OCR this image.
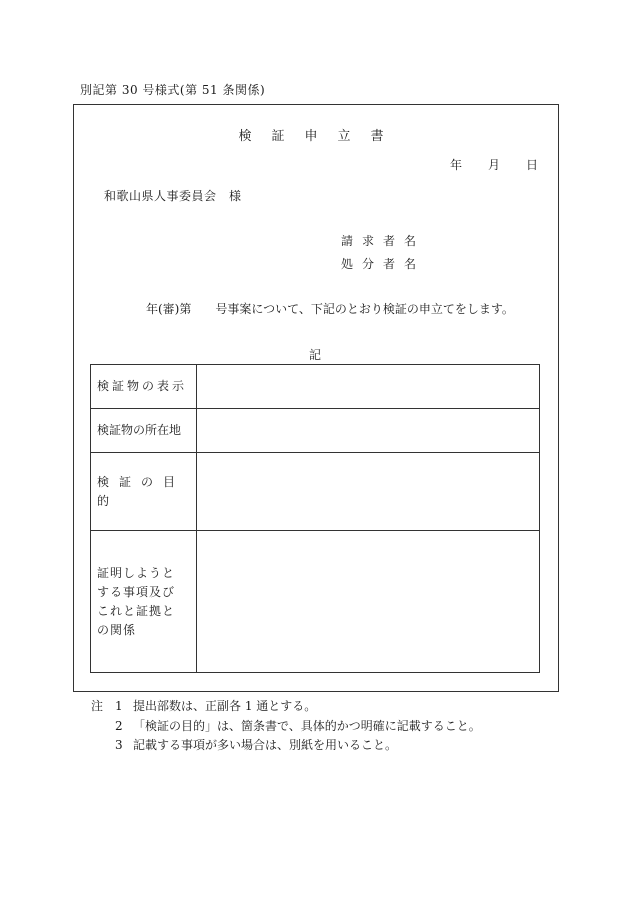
別記第 30 号様式(第 51 条関係)
検証申立書
年 月 日
和歌山県人事委員会　様
請求者名
処分者名
年(審)第　　号事案について、下記のとおり検証の申立てをします。
記
検証物の表示	
検証物の所在地	
検証の目的	
証明しようと
する事項及び
これと証拠と
の関係	
注 1 提出部数は、正副各 1 通とする。
2 「検証の目的」は、箇条書で、具体的かつ明確に記載すること。
3 記載する事項が多い場合は、別紙を用いること。
